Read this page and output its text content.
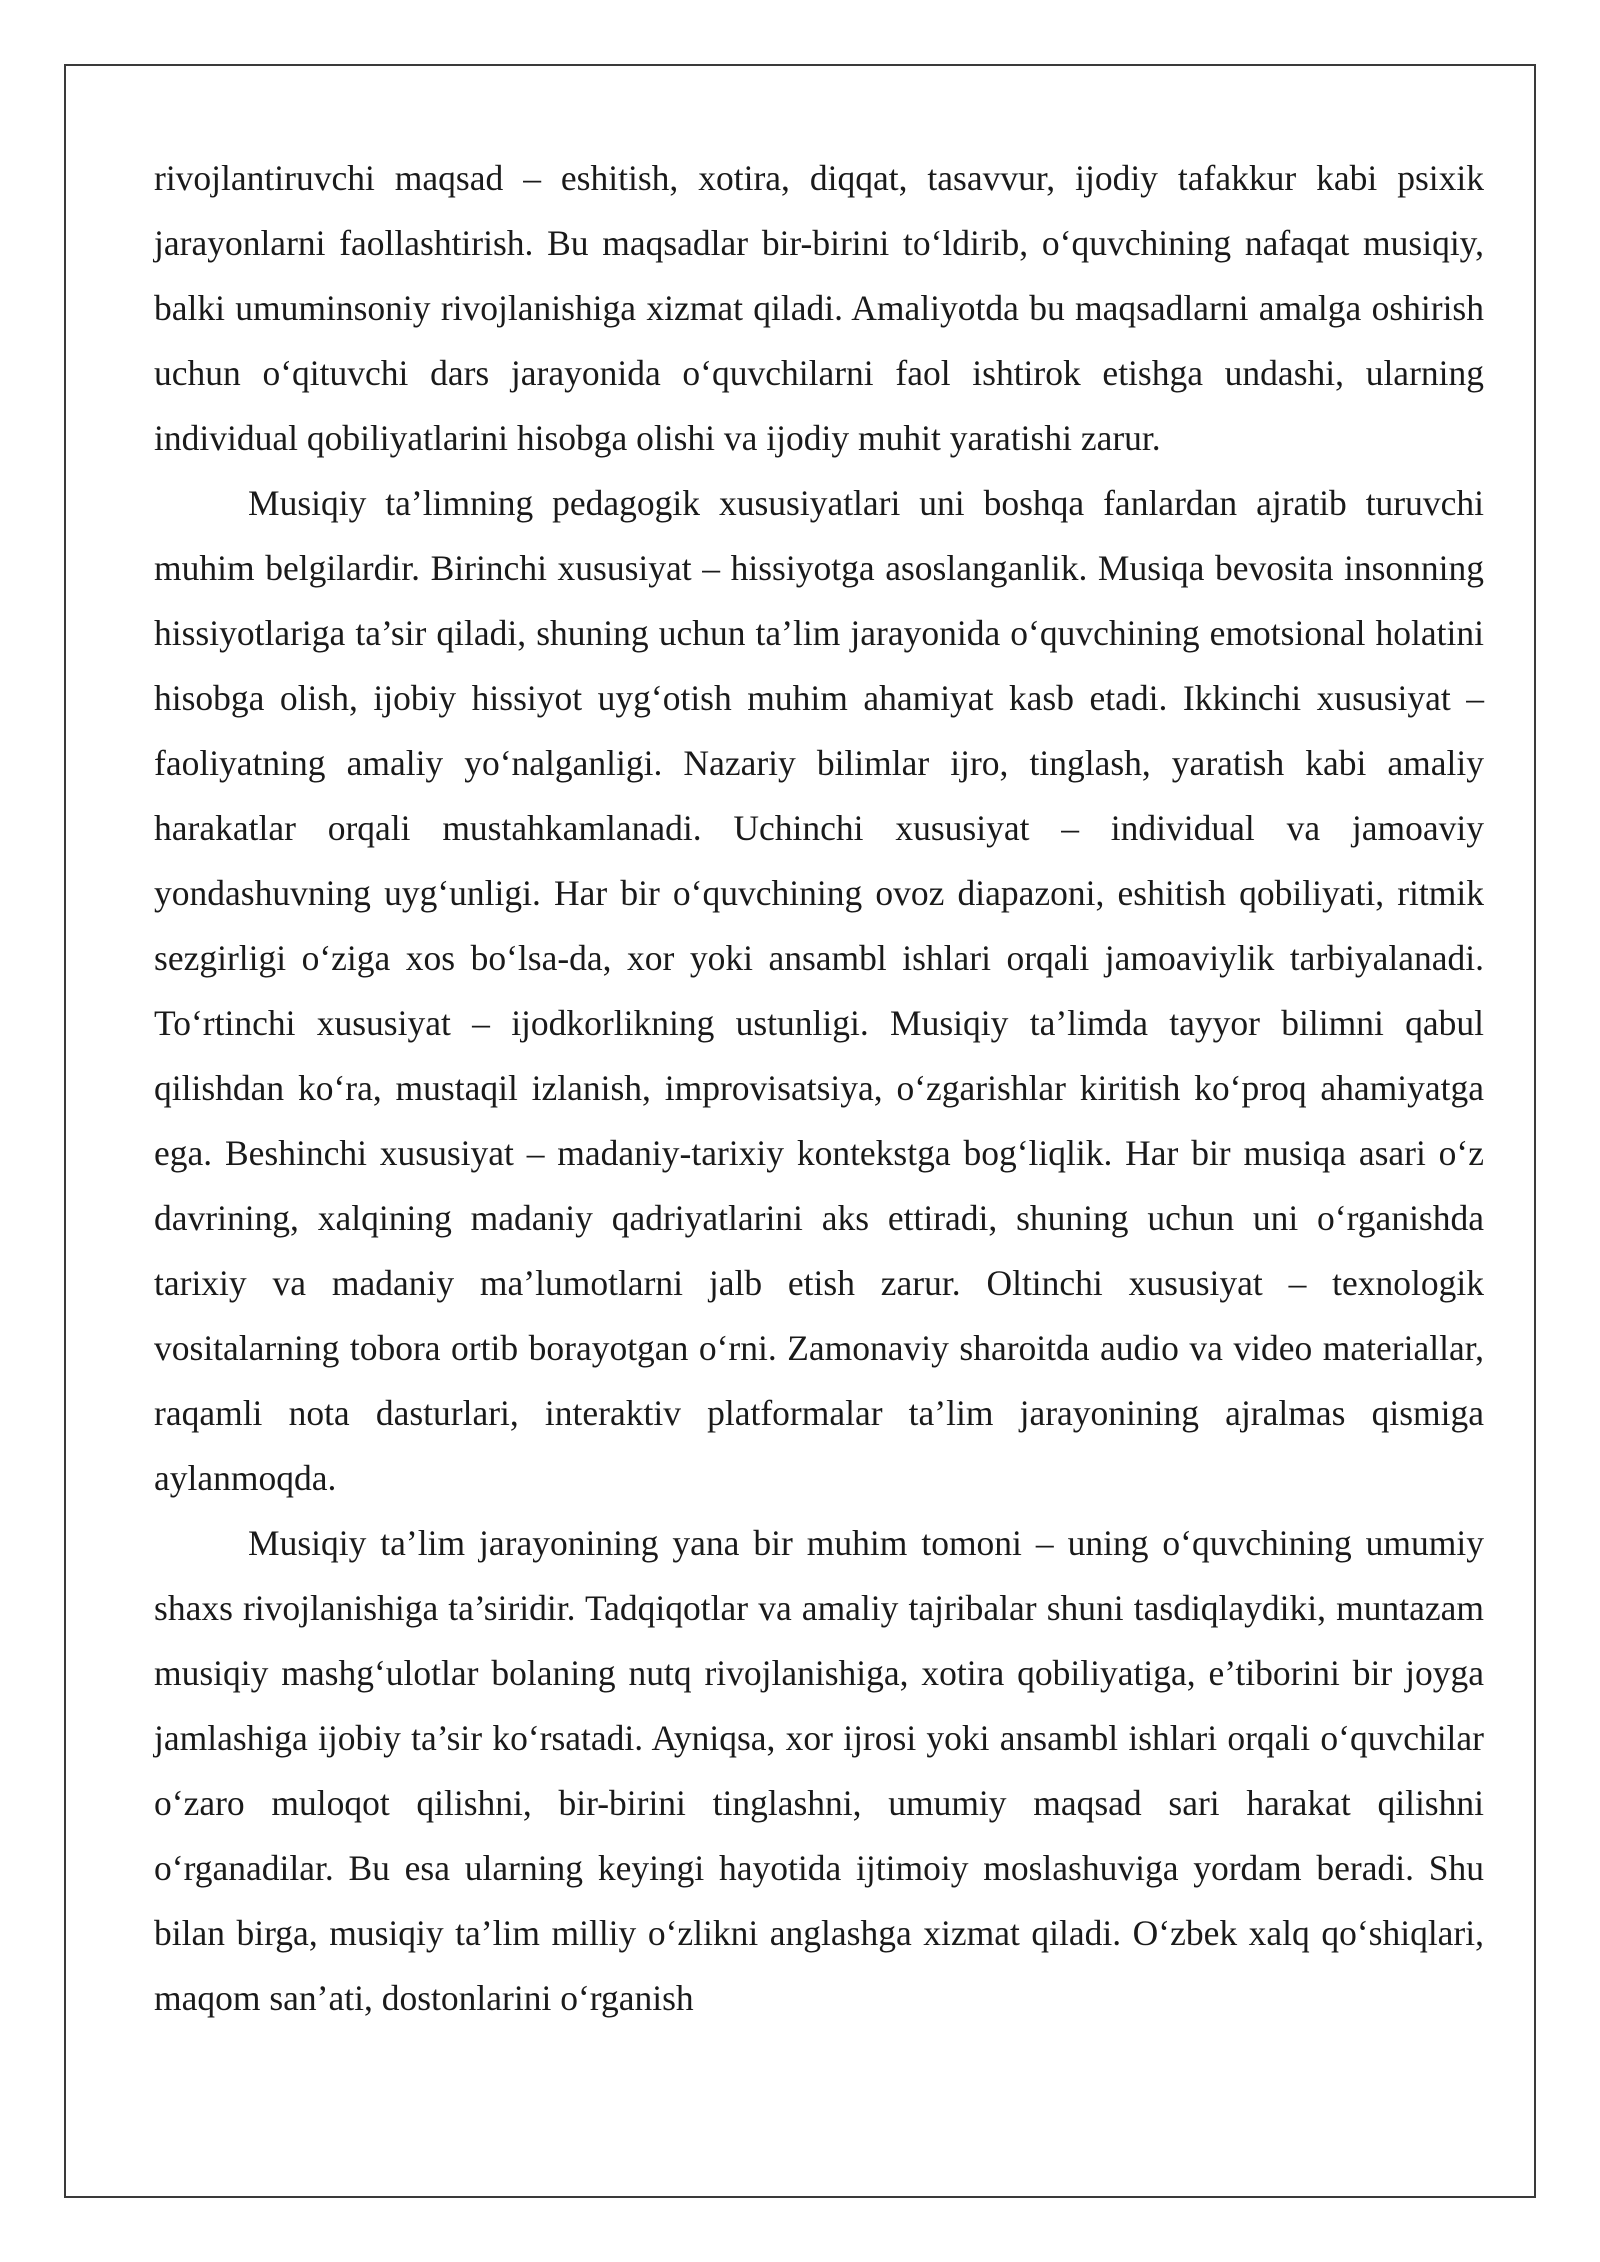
rivojlantiruvchi maqsad – eshitish, xotira, diqqat, tasavvur, ijodiy tafakkur kabi psixik jarayonlarni faollashtirish. Bu maqsadlar bir-birini to‘ldirib, o‘quvchining nafaqat musiqiy, balki umuminsoniy rivojlanishiga xizmat qiladi. Amaliyotda bu maqsadlarni amalga oshirish uchun o‘qituvchi dars jarayonida o‘quvchilarni faol ishtirok etishga undashi, ularning individual qobiliyatlarini hisobga olishi va ijodiy muhit yaratishi zarur.

Musiqiy ta’limning pedagogik xususiyatlari uni boshqa fanlardan ajratib turuvchi muhim belgilardir. Birinchi xususiyat – hissiyotga asoslanganlik. Musiqa bevosita insonning hissiyotlariga ta’sir qiladi, shuning uchun ta’lim jarayonida o‘quvchining emotsional holatini hisobga olish, ijobiy hissiyot uyg‘otish muhim ahamiyat kasb etadi. Ikkinchi xususiyat – faoliyatning amaliy yo‘nalganligi. Nazariy bilimlar ijro, tinglash, yaratish kabi amaliy harakatlar orqali mustahkamlanadi. Uchinchi xususiyat – individual va jamoaviy yondashuvning uyg‘unligi. Har bir o‘quvchining ovoz diapazoni, eshitish qobiliyati, ritmik sezgirligi o‘ziga xos bo‘lsa-da, xor yoki ansambl ishlari orqali jamoaviylik tarbiyalanadi. To‘rtinchi xususiyat – ijodkorlikning ustunligi. Musiqiy ta’limda tayyor bilimni qabul qilishdan ko‘ra, mustaqil izlanish, improvisatsiya, o‘zgarishlar kiritish ko‘proq ahamiyatga ega. Beshinchi xususiyat – madaniy-tarixiy kontekstga bog‘liqlik. Har bir musiqa asari o‘z davrining, xalqining madaniy qadriyatlarini aks ettiradi, shuning uchun uni o‘rganishda tarixiy va madaniy ma’lumotlarni jalb etish zarur. Oltinchi xususiyat – texnologik vositalarning tobora ortib borayotgan o‘rni. Zamonaviy sharoitda audio va video materiallar, raqamli nota dasturlari, interaktiv platformalar ta’lim jarayonining ajralmas qismiga aylanmoqda.

Musiqiy ta’lim jarayonining yana bir muhim tomoni – uning o‘quvchining umumiy shaxs rivojlanishiga ta’siridir. Tadqiqotlar va amaliy tajribalar shuni tasdiqlaydiki, muntazam musiqiy mashg‘ulotlar bolaning nutq rivojlanishiga, xotira qobiliyatiga, e’tiborini bir joyga jamlashiga ijobiy ta’sir ko‘rsatadi. Ayniqsa, xor ijrosi yoki ansambl ishlari orqali o‘quvchilar o‘zaro muloqot qilishni, bir-birini tinglashni, umumiy maqsad sari harakat qilishni o‘rganadilar. Bu esa ularning keyingi hayotida ijtimoiy moslashuviga yordam beradi. Shu bilan birga, musiqiy ta’lim milliy o‘zlikni anglashga xizmat qiladi. O‘zbek xalq qo‘shiqlari, maqom san’ati, dostonlarini o‘rganish
